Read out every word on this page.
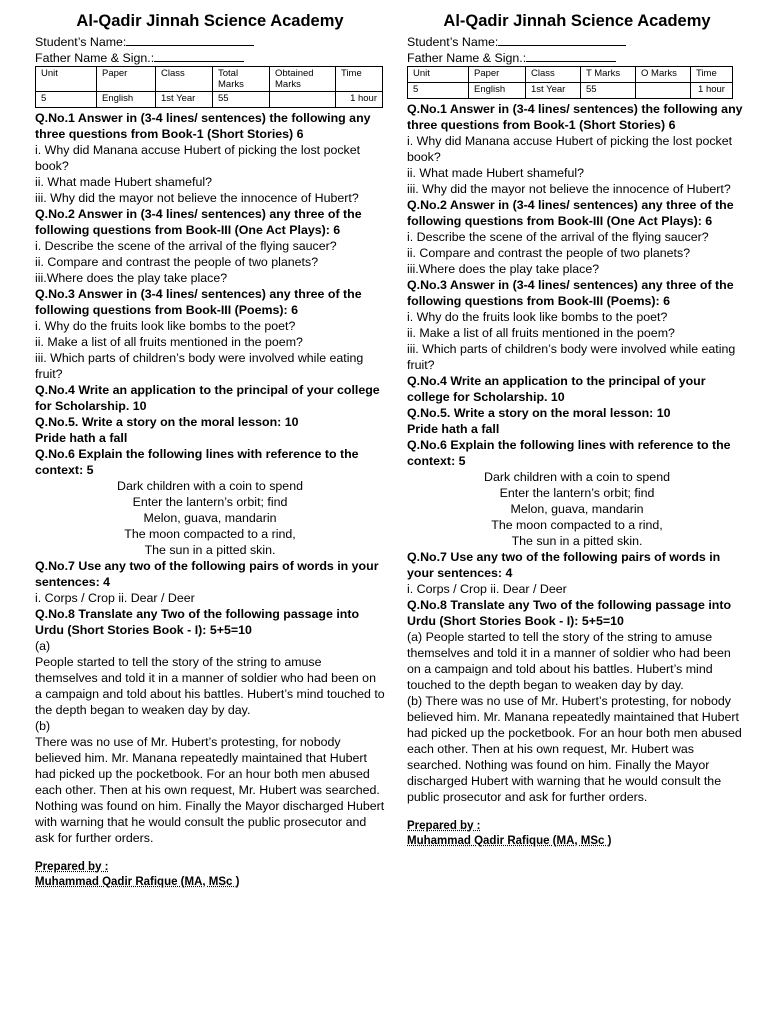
Al-Qadir Jinnah Science Academy
Student’s Name:
Father Name & Sign.:
Unit	Paper	Class	Total Marks	Obtained Marks	Time
5	English	1st Year	55		1 hour
Q.No.1 Answer in (3-4 lines/ sentences) the following any three questions from Book-1 (Short Stories) 6
i. Why did Manana accuse Hubert of picking the lost pocket book?
ii. What made Hubert shameful?
iii. Why did the mayor not believe the innocence of Hubert?
Q.No.2 Answer in (3-4 lines/ sentences) any three of the following questions from Book-III (One Act Plays): 6
i. Describe the scene of the arrival of the flying saucer?
ii. Compare and contrast the people of two planets?
iii.Where does the play take place?
Q.No.3 Answer in (3-4 lines/ sentences) any three of the following questions from Book-III (Poems): 6
i. Why do the fruits look like bombs to the poet?
ii. Make a list of all fruits mentioned in the poem?
iii. Which parts of children’s body were involved while eating fruit?
Q.No.4 Write an application to the principal of your college for Scholarship. 10
Q.No.5. Write a story on the moral lesson: 10
Pride hath a fall
Q.No.6 Explain the following lines with reference to the context: 5
Dark children with a coin to spend
Enter the lantern’s orbit; find
Melon, guava, mandarin
The moon compacted to a rind,
The sun in a pitted skin.
Q.No.7 Use any two of the following pairs of words in your sentences: 4
i. Corps / Crop ii. Dear / Deer
Q.No.8 Translate any Two of the following passage into Urdu (Short Stories Book - I): 5+5=10
(a)
People started to tell the story of the string to amuse themselves and told it in a manner of soldier who had been on a campaign and told about his battles. Hubert’s mind touched to the depth began to weaken day by day.
(b)
There was no use of Mr. Hubert’s protesting, for nobody believed him. Mr. Manana repeatedly maintained that Hubert had picked up the pocketbook. For an hour both men abused each other. Then at his own request, Mr. Hubert was searched. Nothing was found on him. Finally the Mayor discharged Hubert with warning that he would consult the public prosecutor and ask for further orders.
Prepared by :
Muhammad Qadir Rafique (MA, MSc )
Al-Qadir Jinnah Science Academy
Student’s Name:
Father Name & Sign.:
Unit	Paper	Class	T Marks	O Marks	Time
5	English	1st Year	55		1 hour
Q.No.1 Answer in (3-4 lines/ sentences) the following any three questions from Book-1 (Short Stories) 6
i. Why did Manana accuse Hubert of picking the lost pocket book?
ii. What made Hubert shameful?
iii. Why did the mayor not believe the innocence of Hubert?
Q.No.2 Answer in (3-4 lines/ sentences) any three of the following questions from Book-III (One Act Plays): 6
i. Describe the scene of the arrival of the flying saucer?
ii. Compare and contrast the people of two planets?
iii.Where does the play take place?
Q.No.3 Answer in (3-4 lines/ sentences) any three of the following questions from Book-III (Poems): 6
i. Why do the fruits look like bombs to the poet?
ii. Make a list of all fruits mentioned in the poem?
iii. Which parts of children’s body were involved while eating fruit?
Q.No.4 Write an application to the principal of your college for Scholarship. 10
Q.No.5. Write a story on the moral lesson: 10
Pride hath a fall
Q.No.6 Explain the following lines with reference to the context: 5
Dark children with a coin to spend
Enter the lantern’s orbit; find
Melon, guava, mandarin
The moon compacted to a rind,
The sun in a pitted skin.
Q.No.7 Use any two of the following pairs of words in your sentences: 4
i. Corps / Crop ii. Dear / Deer
Q.No.8 Translate any Two of the following passage into Urdu (Short Stories Book - I): 5+5=10
(a) People started to tell the story of the string to amuse themselves and told it in a manner of soldier who had been on a campaign and told about his battles. Hubert’s mind touched to the depth began to weaken day by day.
(b) There was no use of Mr. Hubert’s protesting, for nobody believed him. Mr. Manana repeatedly maintained that Hubert had picked up the pocketbook. For an hour both men abused each other. Then at his own request, Mr. Hubert was searched. Nothing was found on him. Finally the Mayor discharged Hubert with warning that he would consult the public prosecutor and ask for further orders.
Prepared by :
Muhammad Qadir Rafique (MA, MSc )
